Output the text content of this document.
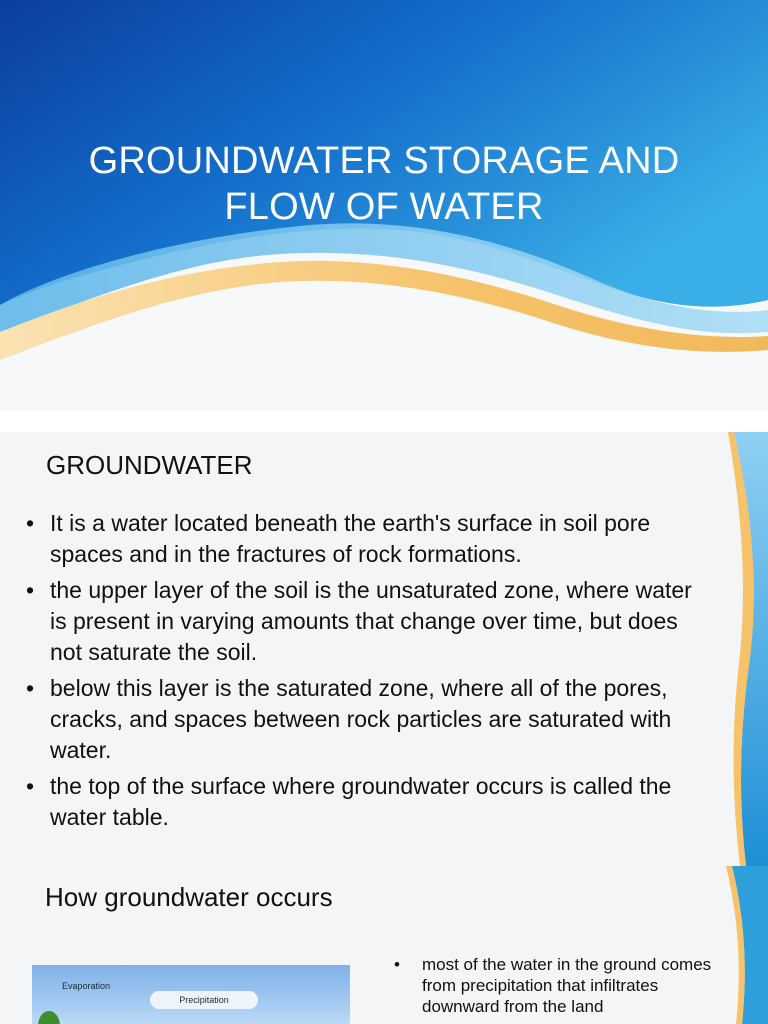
GROUNDWATER STORAGE AND FLOW OF WATER
GROUNDWATER
• It is a water located beneath the earth's surface in soil pore spaces and in the fractures of rock formations.
• the upper layer of the soil is the unsaturated zone, where water is present in varying amounts that change over time, but does not saturate the soil.
• below this layer is the saturated zone, where all of the pores, cracks, and spaces between rock particles are saturated with water.
• the top of the surface where groundwater occurs is called the water table.
How groundwater occurs
Evaporation
Precipitation
• most of the water in the ground comes from precipitation that infiltrates downward from the land
